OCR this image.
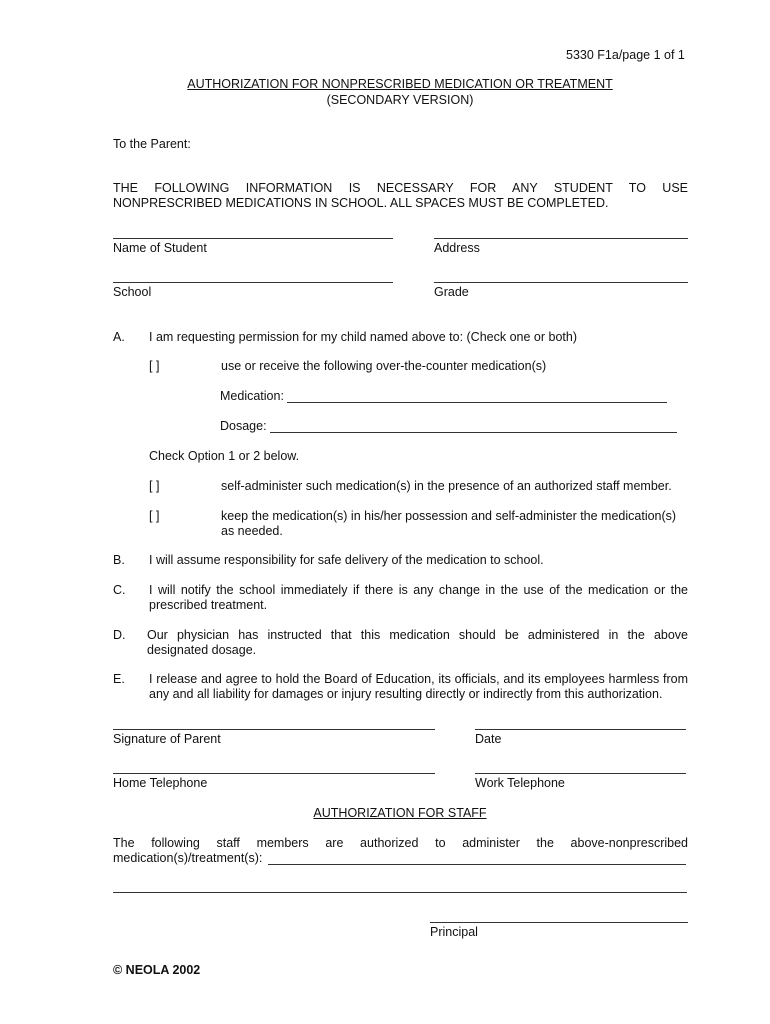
5330 F1a/page 1 of 1
AUTHORIZATION FOR NONPRESCRIBED MEDICATION OR TREATMENT
(SECONDARY VERSION)
To the Parent:
THE FOLLOWING INFORMATION IS NECESSARY FOR ANY STUDENT TO USE
NONPRESCRIBED MEDICATIONS IN SCHOOL. ALL SPACES MUST BE COMPLETED.
Name of Student	Address
School	Grade
A. I am requesting permission for my child named above to: (Check one or both)
[ ]	use or receive the following over-the-counter medication(s)
Medication:
Dosage:
Check Option 1 or 2 below.
[ ]	self-administer such medication(s) in the presence of an authorized staff member.
[ ]	keep the medication(s) in his/her possession and self-administer the medication(s)
as needed.
B. I will assume responsibility for safe delivery of the medication to school.
C. I will notify the school immediately if there is any change in the use of the medication or the
prescribed treatment.
D. Our physician has instructed that this medication should be administered in the above
designated dosage.
E. I release and agree to hold the Board of Education, its officials, and its employees harmless from
any and all liability for damages or injury resulting directly or indirectly from this authorization.
Signature of Parent	Date
Home Telephone	Work Telephone
AUTHORIZATION FOR STAFF
The following staff members are authorized to administer the above-nonprescribed
medication(s)/treatment(s):
Principal
© NEOLA 2002
